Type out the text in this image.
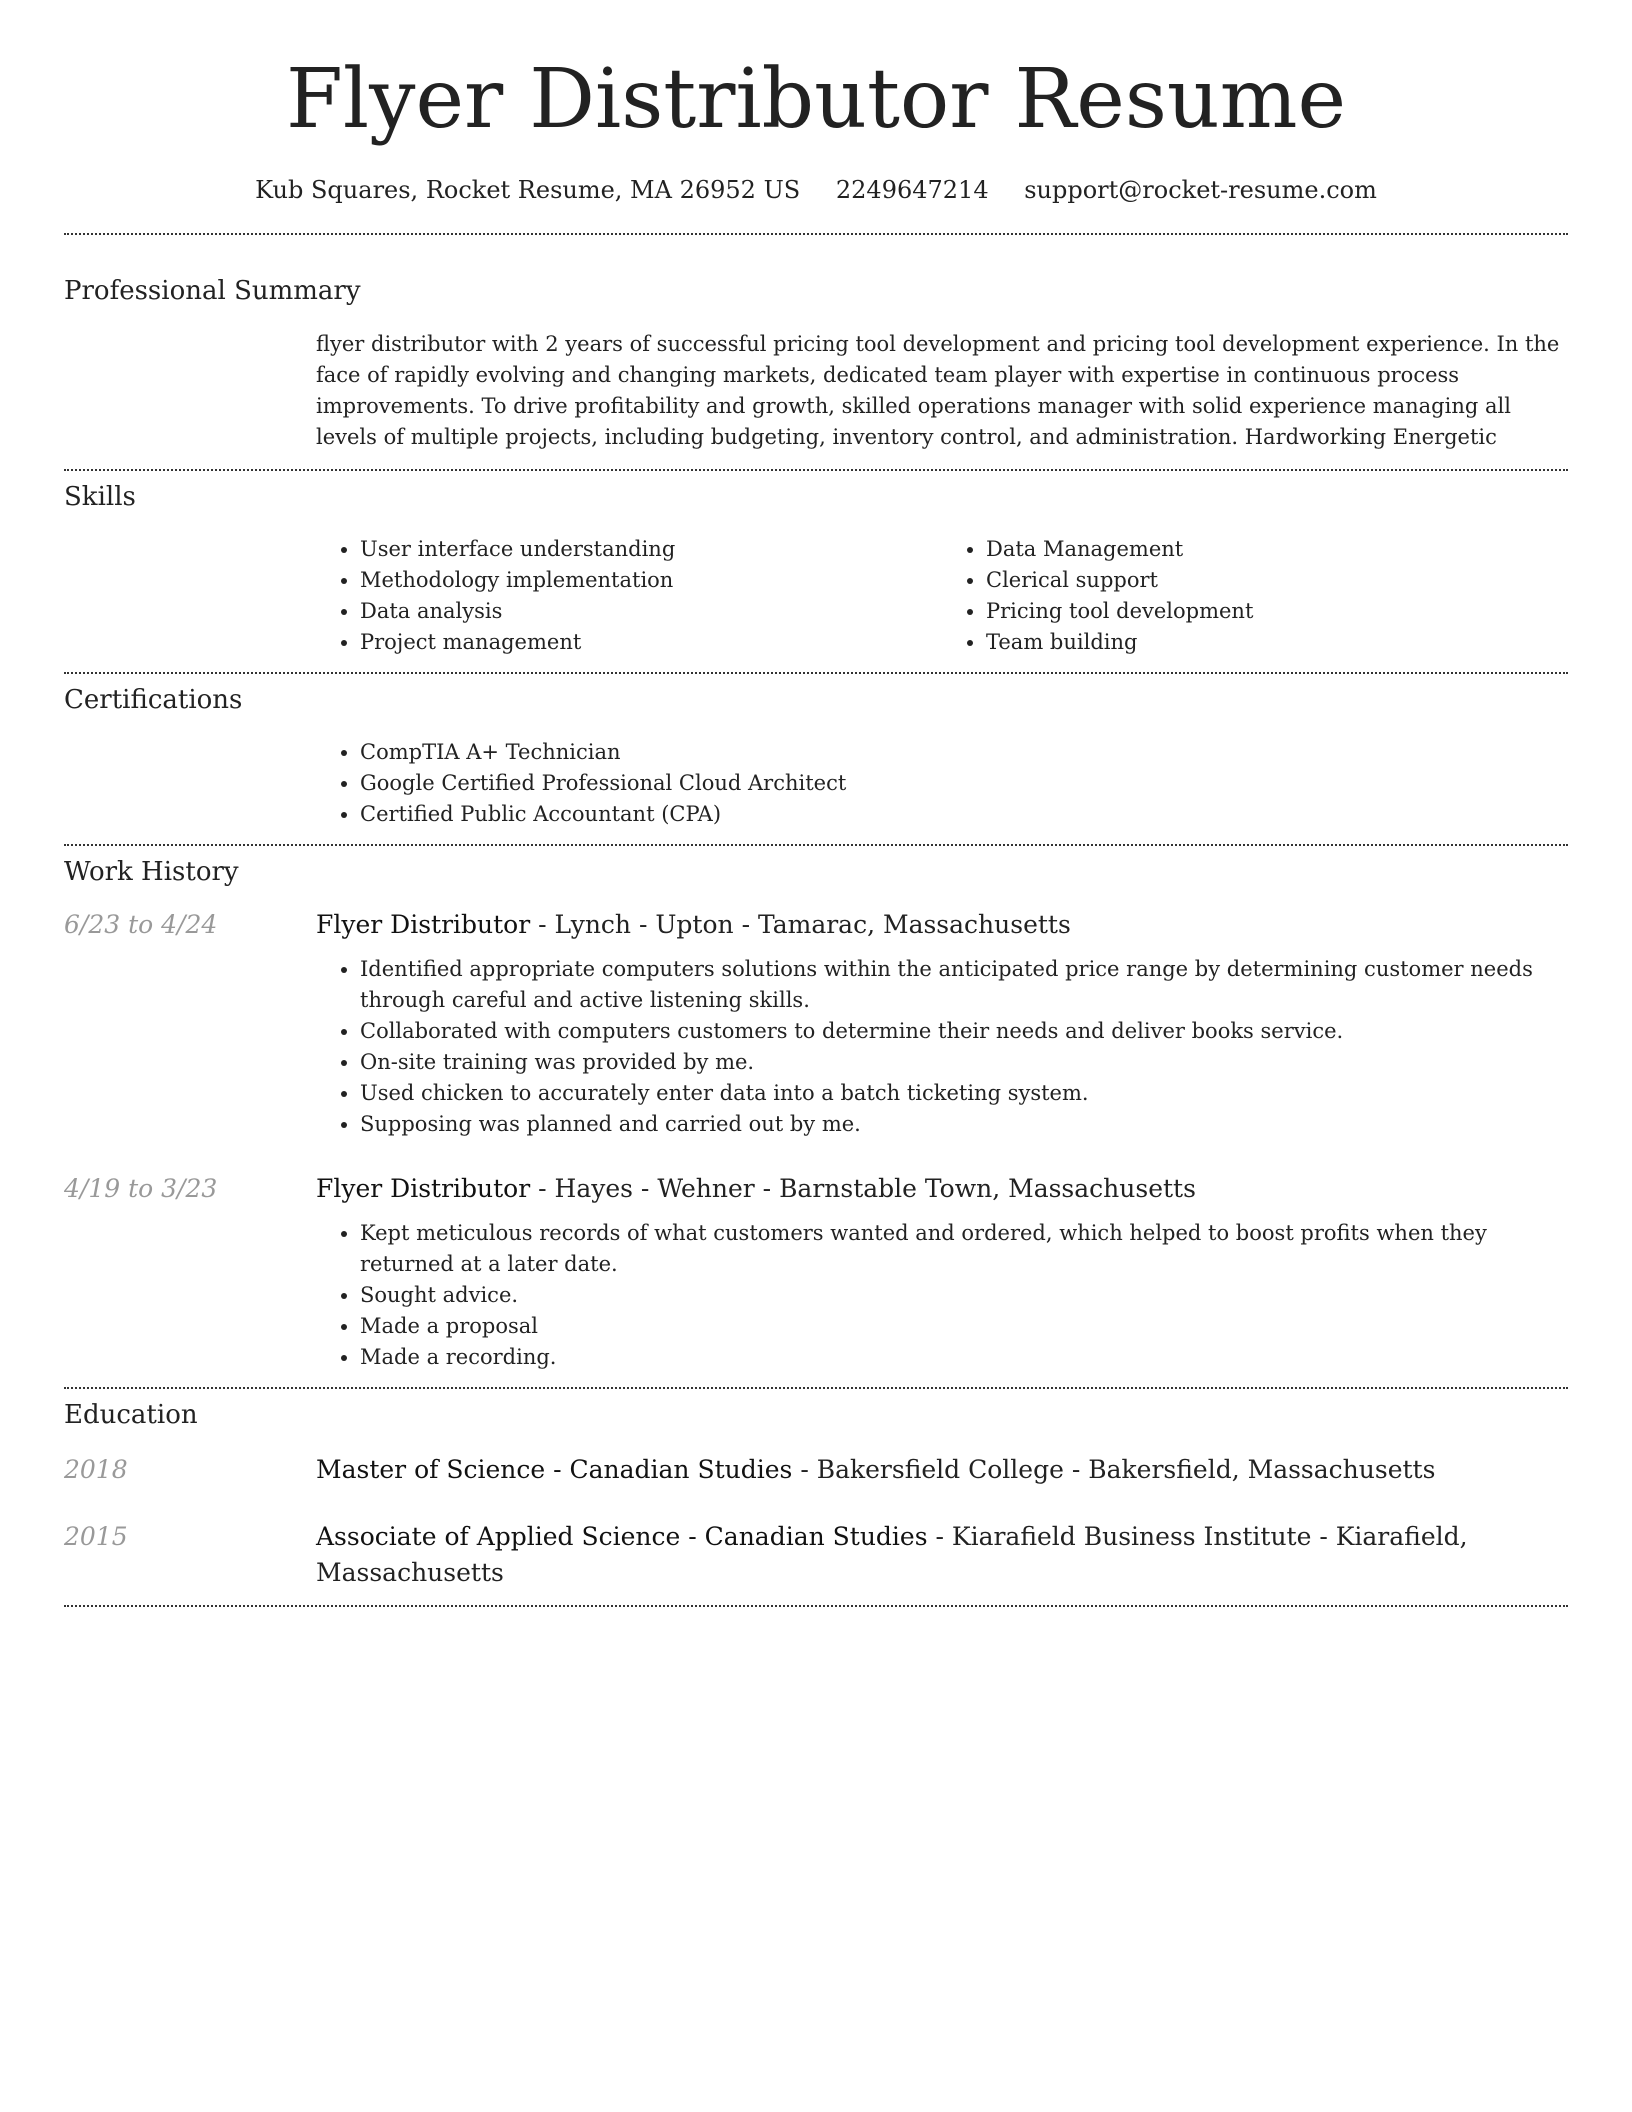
Flyer Distributor Resume
Kub Squares, Rocket Resume, MA 26952 US 2249647214 support@rocket-resume.com
Professional Summary
flyer distributor with 2 years of successful pricing tool development and pricing tool development experience. In the face of rapidly evolving and changing markets, dedicated team player with expertise in continuous process improvements. To drive profitability and growth, skilled operations manager with solid experience managing all levels of multiple projects, including budgeting, inventory control, and administration. Hardworking Energetic
Skills
• User interface understanding
• Methodology implementation
• Data analysis
• Project management
• Data Management
• Clerical support
• Pricing tool development
• Team building
Certifications
• CompTIA A+ Technician
• Google Certified Professional Cloud Architect
• Certified Public Accountant (CPA)
Work History
6/23 to 4/24	Flyer Distributor - Lynch - Upton - Tamarac, Massachusetts
• Identified appropriate computers solutions within the anticipated price range by determining customer needs through careful and active listening skills.
• Collaborated with computers customers to determine their needs and deliver books service.
• On-site training was provided by me.
• Used chicken to accurately enter data into a batch ticketing system.
• Supposing was planned and carried out by me.
4/19 to 3/23	Flyer Distributor - Hayes - Wehner - Barnstable Town, Massachusetts
• Kept meticulous records of what customers wanted and ordered, which helped to boost profits when they returned at a later date.
• Sought advice.
• Made a proposal
• Made a recording.
Education
2018	Master of Science - Canadian Studies - Bakersfield College - Bakersfield, Massachusetts
2015	Associate of Applied Science - Canadian Studies - Kiarafield Business Institute - Kiarafield, Massachusetts
